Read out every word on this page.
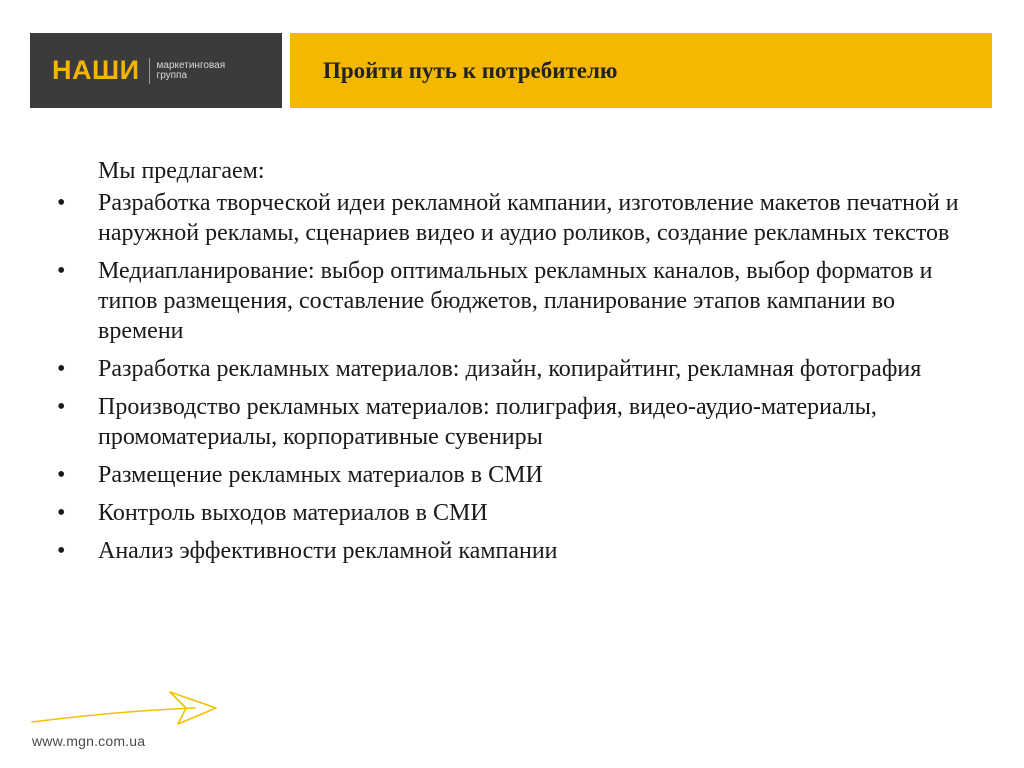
НАШИ маркетинговая
группа	Пройти путь к потребителю
Мы предлагаем:
• Разработка творческой идеи рекламной кампании, изготовление макетов печатной и наружной рекламы, сценариев видео и аудио роликов, создание рекламных текстов
• Медиапланирование: выбор оптимальных рекламных каналов, выбор форматов и типов размещения, составление бюджетов, планирование этапов кампании во времени
• Разработка рекламных материалов: дизайн, копирайтинг, рекламная фотография
• Производство рекламных материалов: полиграфия, видео-аудио-материалы, промоматериалы, корпоративные сувениры
• Размещение рекламных материалов в СМИ
• Контроль выходов материалов в СМИ
• Анализ эффективности рекламной кампании
www.mgn.com.ua
